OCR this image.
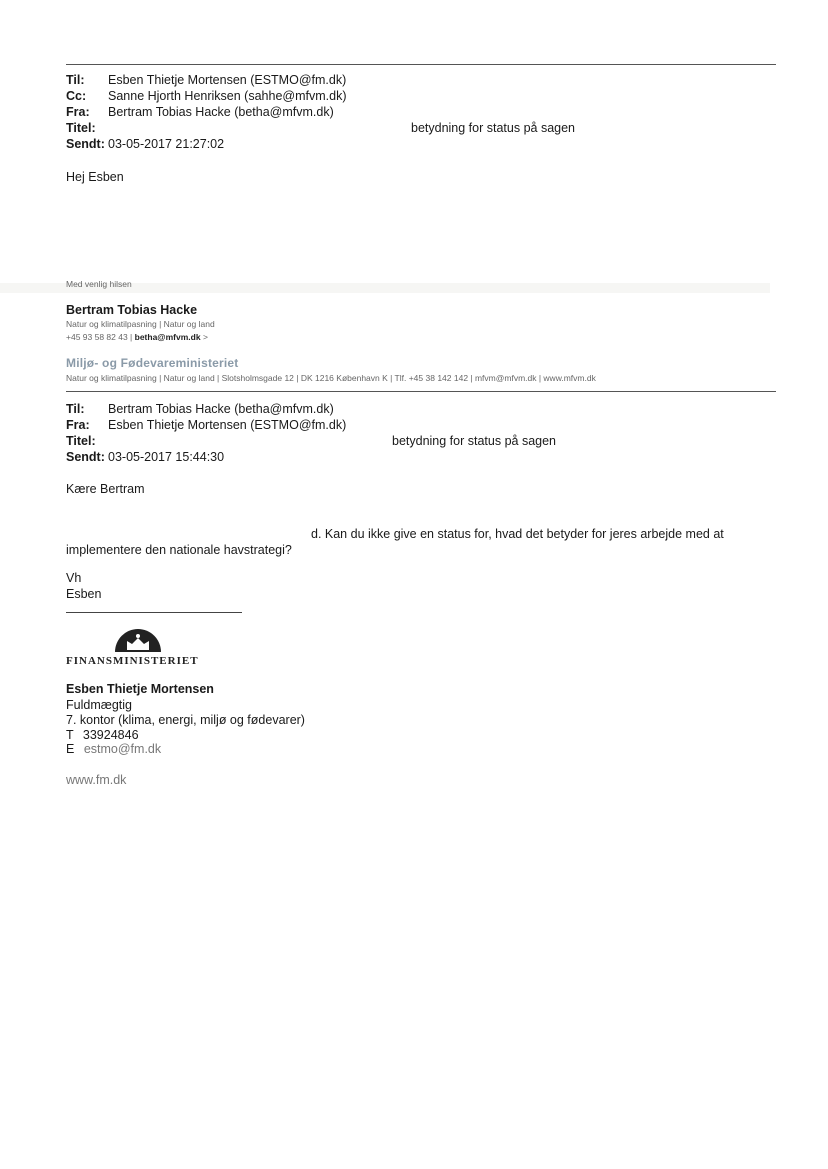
Til: Esben Thietje Mortensen (ESTMO@fm.dk)
Cc: Sanne Hjorth Henriksen (sahhe@mfvm.dk)
Fra: Bertram Tobias Hacke (betha@mfvm.dk)
Titel:	betydning for status på sagen
Sendt: 03-05-2017 21:27:02
Hej Esben
Med venlig hilsen
Bertram Tobias Hacke
Natur og klimatilpasning | Natur og land
+45 93 58 82 43 | betha@mfvm.dk >
Miljø- og Fødevareministeriet
Natur og klimatilpasning | Natur og land | Slotsholmsgade 12 | DK 1216 København K | Tlf. +45 38 142 142 | mfvm@mfvm.dk | www.mfvm.dk
Til: Bertram Tobias Hacke (betha@mfvm.dk)
Fra: Esben Thietje Mortensen (ESTMO@fm.dk)
Titel:	betydning for status på sagen
Sendt: 03-05-2017 15:44:30
Kære Bertram
d. Kan du ikke give en status for, hvad det betyder for jeres arbejde med at
implementere den nationale havstrategi?
Vh
Esben
FINANSMINISTERIET
Esben Thietje Mortensen
Fuldmægtig
7. kontor (klima, energi, miljø og fødevarer)
T 33924846
E estmo@fm.dk
www.fm.dk
